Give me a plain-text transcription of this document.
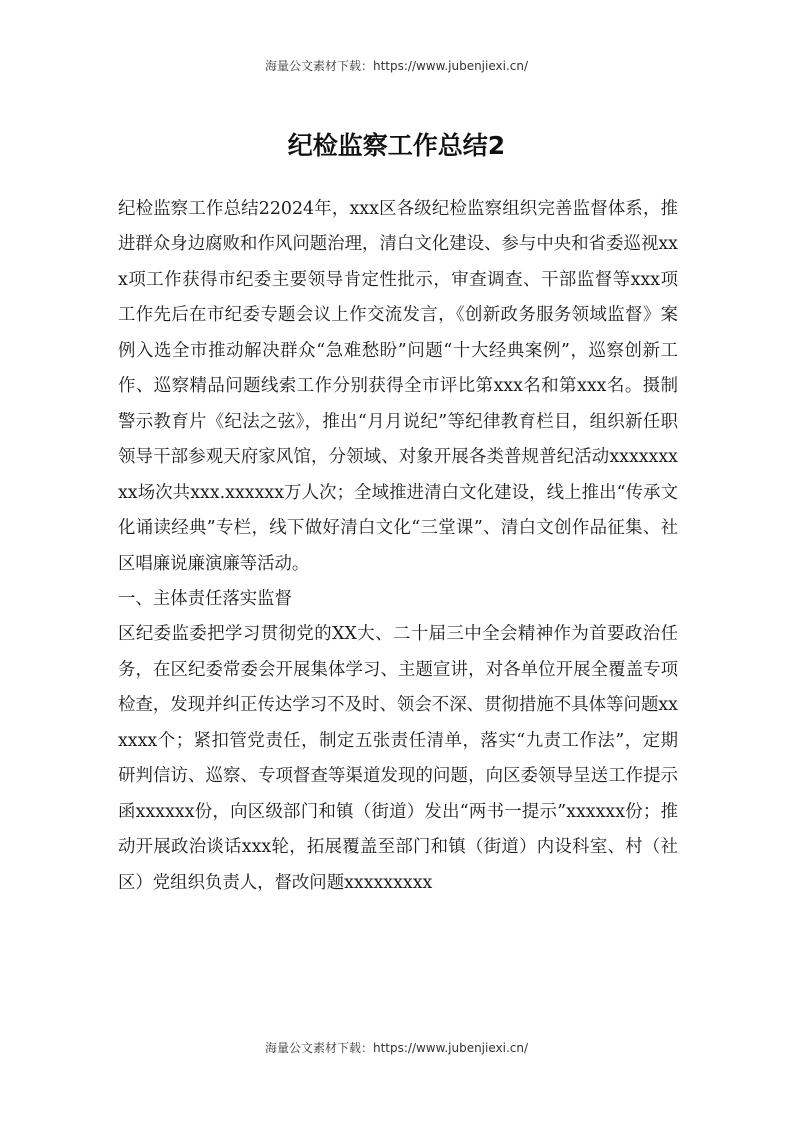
海量公文素材下载：https://www.jubenjiexi.cn/
纪检监察工作总结2

纪检监察工作总结22024年，xxx区各级纪检监察组织完善监督体系，推进群众身边腐败和作风问题治理，清白文化建设、参与中央和省委巡视xxx项工作获得市纪委主要领导肯定性批示，审查调查、干部监督等xxx项工作先后在市纪委专题会议上作交流发言，《创新政务服务领域监督》案例入选全市推动解决群众“急难愁盼”问题“十大经典案例”，巡察创新工作、巡察精品问题线索工作分别获得全市评比第xxx名和第xxx名。摄制警示教育片《纪法之弦》，推出“月月说纪”等纪律教育栏目，组织新任职领导干部参观天府家风馆，分领域、对象开展各类普规普纪活动xxxxxxxxx场次共xxx.xxxxxx万人次；全域推进清白文化建设，线上推出“传承文化诵读经典”专栏，线下做好清白文化“三堂课”、清白文创作品征集、社区唱廉说廉演廉等活动。

一、主体责任落实监督

区纪委监委把学习贯彻党的XX大、二十届三中全会精神作为首要政治任务，在区纪委常委会开展集体学习、主题宣讲，对各单位开展全覆盖专项检查，发现并纠正传达学习不及时、领会不深、贯彻措施不具体等问题xxxxxx个；紧扣管党责任，制定五张责任清单，落实“九责工作法”，定期研判信访、巡察、专项督查等渠道发现的问题，向区委领导呈送工作提示函xxxxxx份，向区级部门和镇（街道）发出“两书一提示”xxxxxx份；推动开展政治谈话xxx轮，拓展覆盖至部门和镇（街道）内设科室、村（社区）党组织负责人，督改问题xxxxxxxxx

海量公文素材下载：https://www.jubenjiexi.cn/
